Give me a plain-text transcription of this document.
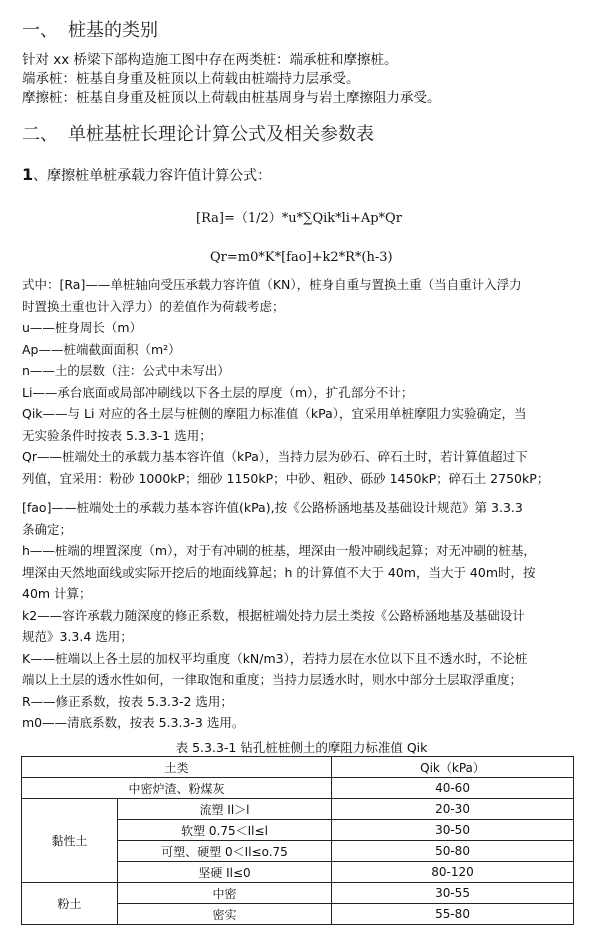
一、 桩基的类别
针对 xx 桥梁下部构造施工图中存在两类桩：端承桩和摩擦桩。
端承桩：桩基自身重及桩顶以上荷载由桩端持力层承受。
摩擦桩：桩基自身重及桩顶以上荷载由桩基周身与岩土摩擦阻力承受。
二、 单桩基桩长理论计算公式及相关参数表
1、摩擦桩单桩承载力容许值计算公式：
[Ra]=（1/2）*u*∑Qik*li+Ap*Qr
Qr=m0*K*[fao]+k2*R*(h-3)
式中：[Ra]——单桩轴向受压承载力容许值（KN），桩身自重与置换土重（当自重计入浮力
时置换土重也计入浮力）的差值作为荷载考虑；
u——桩身周长（m）
Ap——桩端截面面积（m²）
n——土的层数（注：公式中未写出）
Li——承台底面或局部冲刷线以下各土层的厚度（m），扩孔部分不计；
Qik——与 Li 对应的各土层与桩侧的摩阻力标准值（kPa），宜采用单桩摩阻力实验确定，当
无实验条件时按表 5.3.3-1 选用；
Qr——桩端处土的承载力基本容许值（kPa），当持力层为砂石、碎石土时，若计算值超过下
列值，宜采用：粉砂 1000kP；细砂 1150kP；中砂、粗砂、砾砂 1450kP；碎石土 2750kP；
[fao]——桩端处土的承载力基本容许值(kPa),按《公路桥涵地基及基础设计规范》第 3.3.3
条确定；
h——桩端的埋置深度（m），对于有冲刷的桩基，埋深由一般冲刷线起算；对无冲刷的桩基，
埋深由天然地面线或实际开挖后的地面线算起；h 的计算值不大于 40m，当大于 40m时，按
40m 计算；
k2——容许承载力随深度的修正系数，根据桩端处持力层土类按《公路桥涵地基及基础设计
规范》3.3.4 选用；
K——桩端以上各土层的加权平均重度（kN/m3），若持力层在水位以下且不透水时，不论桩
端以上土层的透水性如何，一律取饱和重度；当持力层透水时，则水中部分土层取浮重度；
R——修正系数，按表 5.3.3-2 选用；
m0——清底系数，按表 5.3.3-3 选用。
表 5.3.3-1 钻孔桩桩侧土的摩阻力标准值 Qik
土类		Qik（kPa）
中密炉渣、粉煤灰		40-60
黏性土	流塑 Il＞l	20-30
	软塑 0.75＜Il≤l	30-50
	可塑、硬塑 0＜Il≤o.75	50-80
	坚硬 Il≤0	80-120
粉土	中密	30-55
	密实	55-80
